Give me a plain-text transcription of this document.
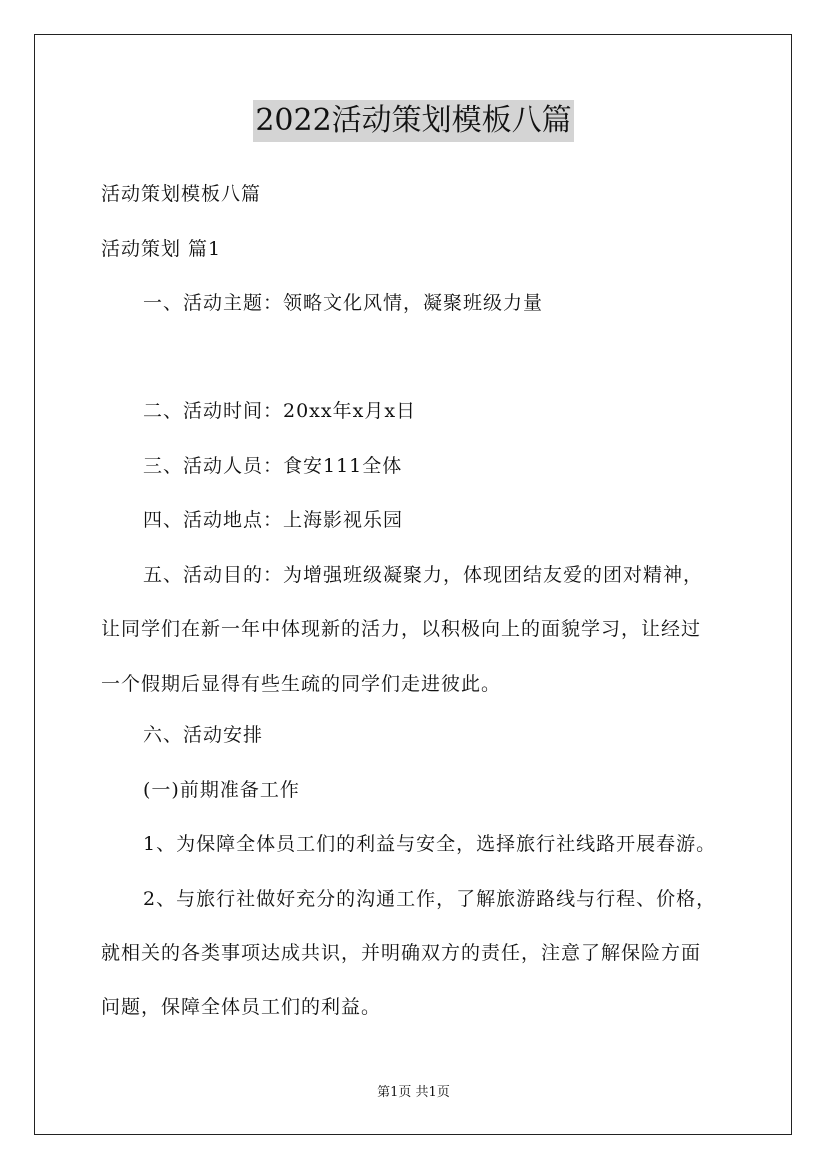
2022活动策划模板八篇
活动策划模板八篇
活动策划 篇1
一、活动主题：领略文化风情，凝聚班级力量
二、活动时间：20xx年x月x日
三、活动人员：食安111全体
四、活动地点：上海影视乐园
五、活动目的：为增强班级凝聚力，体现团结友爱的团对精神，
让同学们在新一年中体现新的活力，以积极向上的面貌学习，让经过
一个假期后显得有些生疏的同学们走进彼此。
六、活动安排
(一)前期准备工作
1、为保障全体员工们的利益与安全，选择旅行社线路开展春游。
2、与旅行社做好充分的沟通工作，了解旅游路线与行程、价格，
就相关的各类事项达成共识，并明确双方的责任，注意了解保险方面
问题，保障全体员工们的利益。
第1页 共1页
